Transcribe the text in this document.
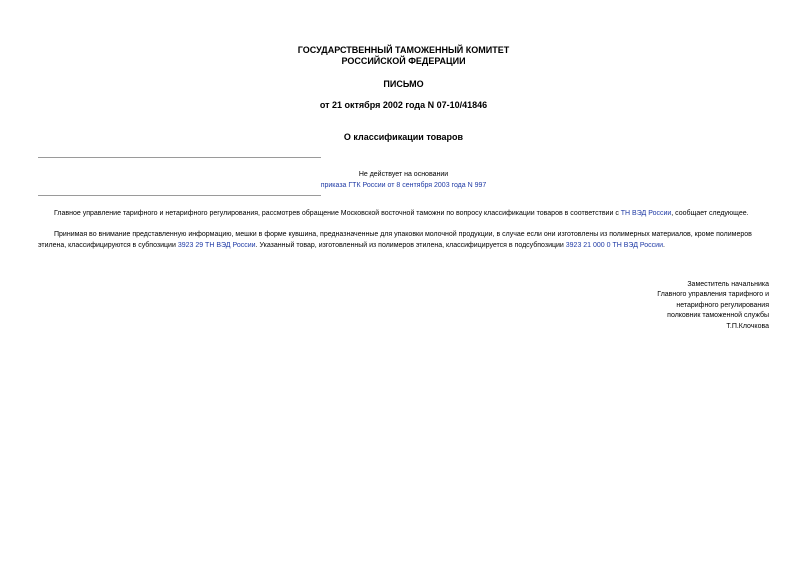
ГОСУДАРСТВЕННЫЙ ТАМОЖЕННЫЙ КОМИТЕТ
РОССИЙСКОЙ ФЕДЕРАЦИИ
ПИСЬМО
от 21 октября 2002 года N 07-10/41846
О классификации товаров
Не действует на основании
приказа ГТК России от 8 сентября 2003 года N 997
Главное управление тарифного и нетарифного регулирования, рассмотрев обращение Московской восточной таможни по вопросу классификации товаров в соответствии с ТН ВЭД России, сообщает следующее.
Принимая во внимание представленную информацию, мешки в форме кувшина, предназначенные для упаковки молочной продукции, в случае если они изготовлены из полимерных материалов, кроме полимеров этилена, классифицируются в субпозиции 3923 29 ТН ВЭД России. Указанный товар, изготовленный из полимеров этилена, классифицируется в подсубпозиции 3923 21 000 0 ТН ВЭД России.
Заместитель начальника
Главного управления тарифного и
нетарифного регулирования
полковник таможенной службы
Т.П.Клочкова
